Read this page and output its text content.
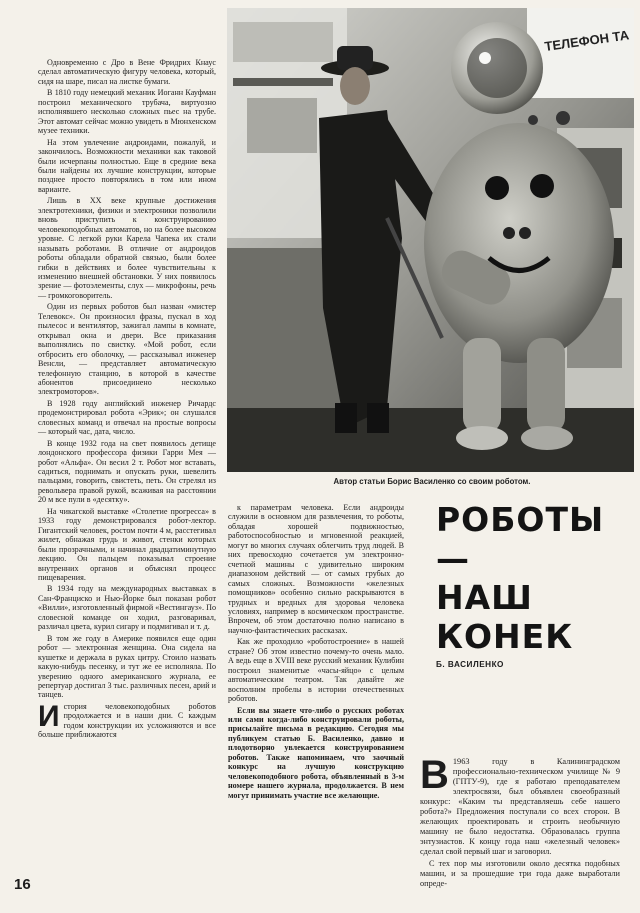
Одновременно с Дро в Вене Фридрих Кнаус сделал автоматическую фигуру человека, который, сидя на шаре, писал на листке бумаги.

В 1810 году немецкий механик Иоганн Кауфман построил механического трубача, виртуозно исполнявшего несколько сложных пьес на трубе. Этот автомат сейчас можно увидеть в Мюнхенском музее техники.

На этом увлечение андроидами, пожалуй, и закончилось. Возможности механики как таковой были исчерпаны полностью. Еще в средние века были найдены их лучшие конструкции, которые позднее просто повторялись в том или ином варианте.

Лишь в XX веке крупные достижения электротехники, физики и электроники позволили вновь приступить к конструированию человекоподобных автоматов, но на более высоком уровне. С легкой руки Карела Чапека их стали называть роботами. В отличие от андроидов роботы обладали обратной связью, были более гибки в действиях и более чувствительны к изменению внешней обстановки. У них появилось зрение — фотоэлементы, слух — микрофоны, речь — громкоговоритель.

Один из первых роботов был назван «мистер Телевокс». Он произносил фразы, пускал в ход пылесос и вентилятор, зажигал лампы в комнате, открывал окна и двери. Все приказания выполнялись по свистку. «Мой робот, если отбросить его оболочку, — рассказывал инженер Венсли, — представляет автоматическую телефонную станцию, в которой в качестве абонентов присоединено несколько электромоторов».

В 1928 году английский инженер Ричардс продемонстрировал робота «Эрик»; он слушался словесных команд и отвечал на простые вопросы — который час, дата, число.

В конце 1932 года на свет появилось детище лондонского профессора физики Гарри Мея — робот «Альфа». Он весил 2 т. Робот мог вставать, садиться, поднимать и опускать руки, шевелить пальцами, говорить, свистеть, петь. Он стрелял из револьвера правой рукой, всаживая на расстоянии 20 м все пули в «десятку».

На чикагской выставке «Столетие прогресса» в 1933 году демонстрировался робот-лектор. Гигантский человек, ростом почти 4 м, расстегивал жилет, обнажая грудь и живот, стенки которых были прозрачными, и начинал двадцатиминутную лекцию. Он пальцем показывал строение внутренних органов и объяснял процесс пищеварения.

В 1934 году на международных выставках в Сан-Франциско и Нью-Йорке был показан робот «Вилли», изготовленный фирмой «Вестингауз». По словесной команде он ходил, разговаривал, различал цвета, курил сигару и подмигивал и т. д.

В том же году в Америке появился еще один робот — электронная женщина. Она сидела на кушетке и держала в руках цитру. Стоило назвать какую-нибудь песенку, и тут же ее исполняла. По уверению одного американского журнала, ее репертуар достигал 3 тыс. различных песен, арий и танцев.

История человекоподобных роботов продолжается и в наши дни. С каждым годом конструкции их усложняются и все больше приближаются

ТЕЛЕФОН ТА
Автор статьи Борис Василенко со своим роботом.

к параметрам человека. Если андроиды служили в основном для развлечения, то роботы, обладая хорошей подвижностью, работоспособностью и мгновенной реакцией, могут во многих случаях облегчить труд людей. В них превосходно сочетается ум электронно-счетной машины с удивительно широким диапазоном действий — от самых грубых до самых сложных. Возможности «железных помощников» особенно сильно раскрываются в трудных и вредных для здоровья человека условиях, например в космическом пространстве. Впрочем, об этом достаточно полно написано в научно-фантастических рассказах.

Как же проходило «роботостроение» в нашей стране? Об этом известно почему-то очень мало. А ведь еще в XVIII веке русский механик Кулибин построил знаменитые «часы-яйцо» с целым автоматическим театром. Так давайте же восполним пробелы в истории отечественных роботов.

Если вы знаете что-либо о русских роботах или сами когда-либо конструировали роботы, присылайте письма в редакцию. Сегодня мы публикуем статью Б. Василенко, давно и плодотворно увлекается конструированием роботов. Также напоминаем, что заочный конкурс на лучшую конструкцию человекоподобного робота, объявленный в 3-м номере нашего журнала, продолжается. В нем могут принимать участие все желающие.

РОБОТЫ —
НАШ
КОНЕК
Б. ВАСИЛЕНКО

В 1963 году в Калининградском профессионально-техническом училище № 9 (ГПТУ-9), где я работаю преподавателем электросвязи, был объявлен своеобразный конкурс: «Каким ты представляешь себе нашего робота?» Предложения поступали со всех сторон. В желающих проектировать и строить необычную машину не было недостатка. Образовалась группа энтузиастов. К концу года наш «железный человек» сделал свой первый шаг и заговорил.

С тех пор мы изготовили около десятка подобных машин, и за прошедшие три года даже выработали опреде-

16
